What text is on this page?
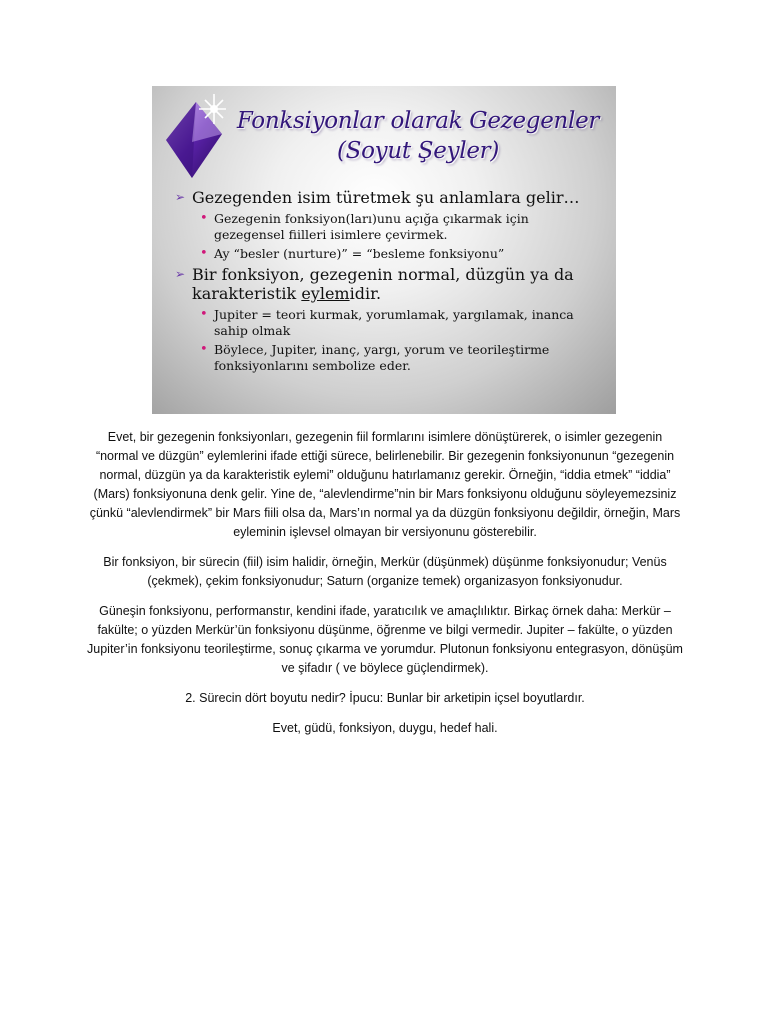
Fonksiyonlar olarak Gezegenler
(Soyut Şeyler)
➢ Gezegenden isim türetmek şu anlamlara gelir…
• Gezegenin fonksiyon(ları)unu açığa çıkarmak için gezegensel fiilleri isimlere çevirmek.
• Ay “besler (nurture)” = “besleme fonksiyonu”
➢ Bir fonksiyon, gezegenin normal, düzgün ya da karakteristik eylemidir.
• Jupiter = teori kurmak, yorumlamak, yargılamak, inanca sahip olmak
• Böylece, Jupiter, inanç, yargı, yorum ve teorileştirme fonksiyonlarını sembolize eder.

Evet, bir gezegenin fonksiyonları, gezegenin fiil formlarını isimlere dönüştürerek, o isimler gezegenin “normal ve düzgün” eylemlerini ifade ettiği sürece, belirlenebilir. Bir gezegenin fonksiyonunun “gezegenin normal, düzgün ya da karakteristik eylemi” olduğunu hatırlamanız gerekir. Örneğin, “iddia etmek” “iddia” (Mars) fonksiyonuna denk gelir. Yine de, “alevlendirme”nin bir Mars fonksiyonu olduğunu söyleyemezsiniz çünkü “alevlendirmek” bir Mars fiili olsa da, Mars’ın normal ya da düzgün fonksiyonu değildir, örneğin, Mars eyleminin işlevsel olmayan bir versiyonunu gösterebilir.

Bir fonksiyon, bir sürecin (fiil) isim halidir, örneğin, Merkür (düşünmek) düşünme fonksiyonudur; Venüs (çekmek), çekim fonksiyonudur; Saturn (organize temek) organizasyon fonksiyonudur.

Güneşin fonksiyonu, performanstır, kendini ifade, yaratıcılık ve amaçlılıktır. Birkaç örnek daha: Merkür – fakülte; o yüzden Merkür’ün fonksiyonu düşünme, öğrenme ve bilgi vermedir. Jupiter – fakülte, o yüzden Jupiter’in fonksiyonu teorileştirme, sonuç çıkarma ve yorumdur. Plutonun fonksiyonu entegrasyon, dönüşüm ve şifadır ( ve böylece güçlendirmek).

2. Sürecin dört boyutu nedir? İpucu: Bunlar bir arketipin içsel boyutlardır.

Evet, güdü, fonksiyon, duygu, hedef hali.
